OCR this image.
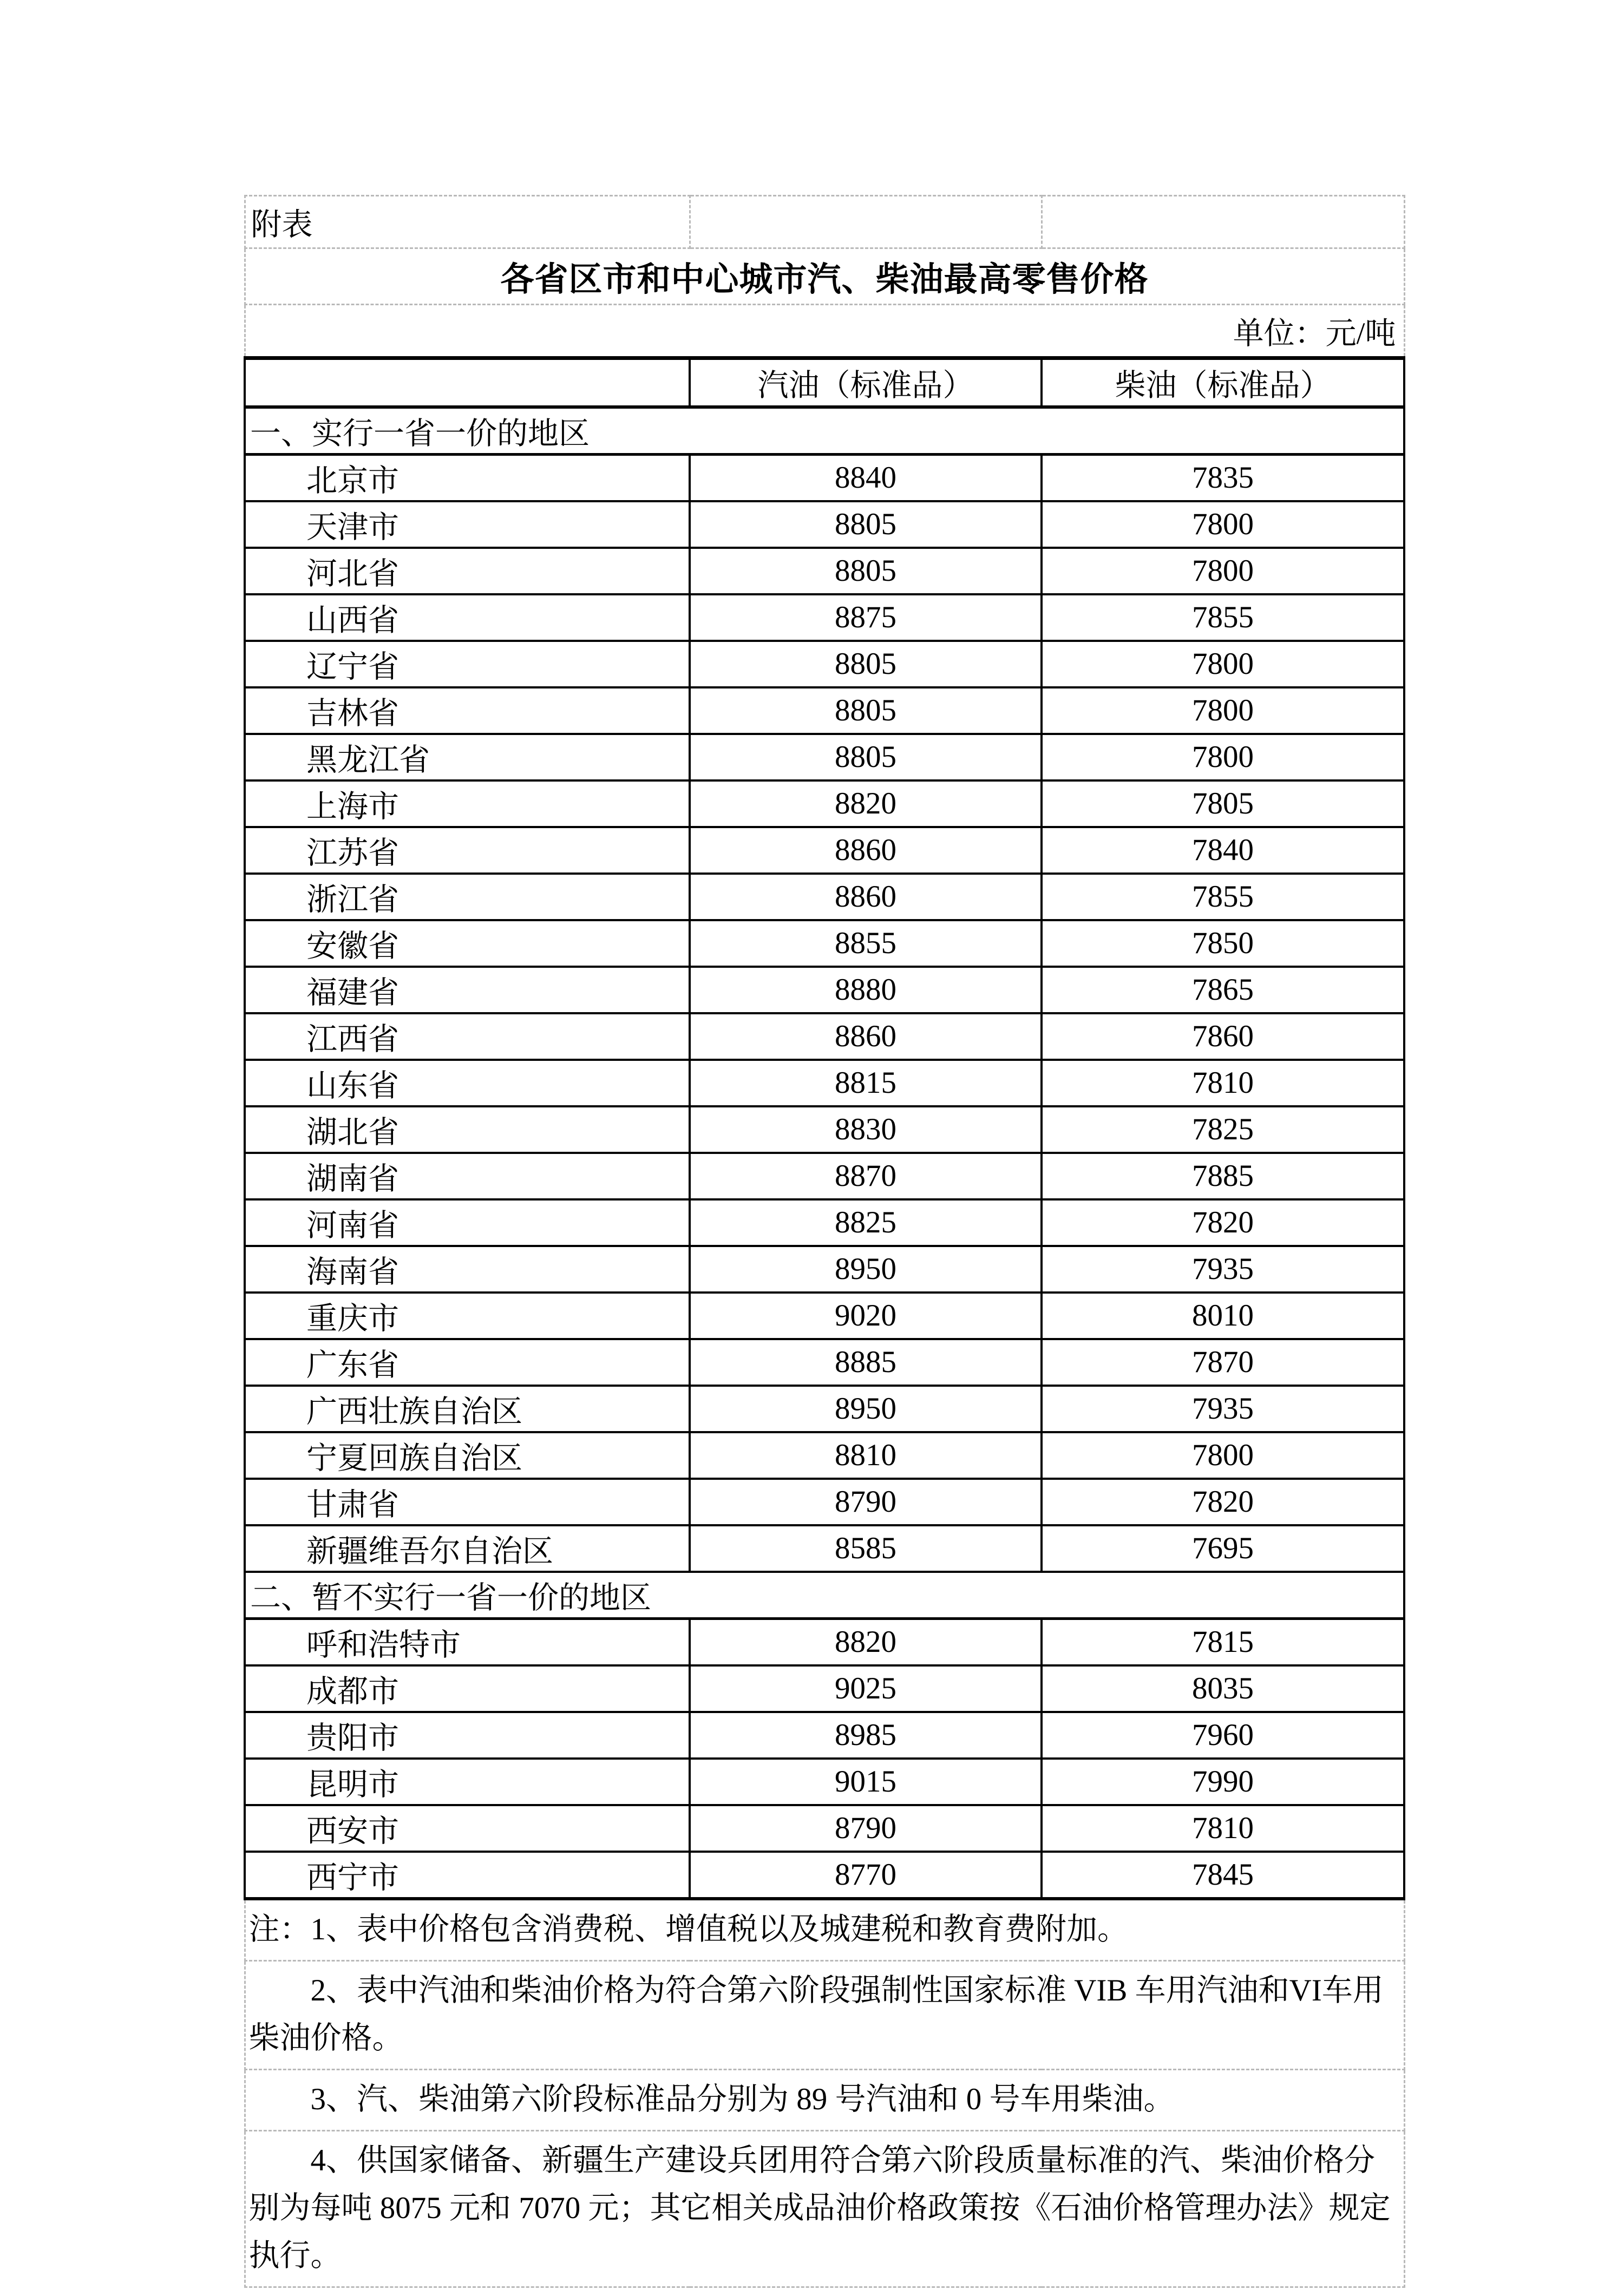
附表		
各省区市和中心城市汽、柴油最高零售价格		
单位：元/吨		
	汽油（标准品）	柴油（标准品）
一、实行一省一价的地区		
北京市	8840	7835
天津市	8805	7800
河北省	8805	7800
山西省	8875	7855
辽宁省	8805	7800
吉林省	8805	7800
黑龙江省	8805	7800
上海市	8820	7805
江苏省	8860	7840
浙江省	8860	7855
安徽省	8855	7850
福建省	8880	7865
江西省	8860	7860
山东省	8815	7810
湖北省	8830	7825
湖南省	8870	7885
河南省	8825	7820
海南省	8950	7935
重庆市	9020	8010
广东省	8885	7870
广西壮族自治区	8950	7935
宁夏回族自治区	8810	7800
甘肃省	8790	7820
新疆维吾尔自治区	8585	7695
二、暂不实行一省一价的地区		
呼和浩特市	8820	7815
成都市	9025	8035
贵阳市	8985	7960
昆明市	9015	7990
西安市	8790	7810
西宁市	8770	7845

注：1、表中价格包含消费税、增值税以及城建税和教育费附加。		

2、表中汽油和柴油价格为符合第六阶段强制性国家标准 VIB 车用汽油和VI车用柴油价格。		

3、汽、柴油第六阶段标准品分别为 89 号汽油和 0 号车用柴油。		

4、供国家储备、新疆生产建设兵团用符合第六阶段质量标准的汽、柴油价格分别为每吨 8075 元和 7070 元；其它相关成品油价格政策按《石油价格管理办法》规定执行。		
